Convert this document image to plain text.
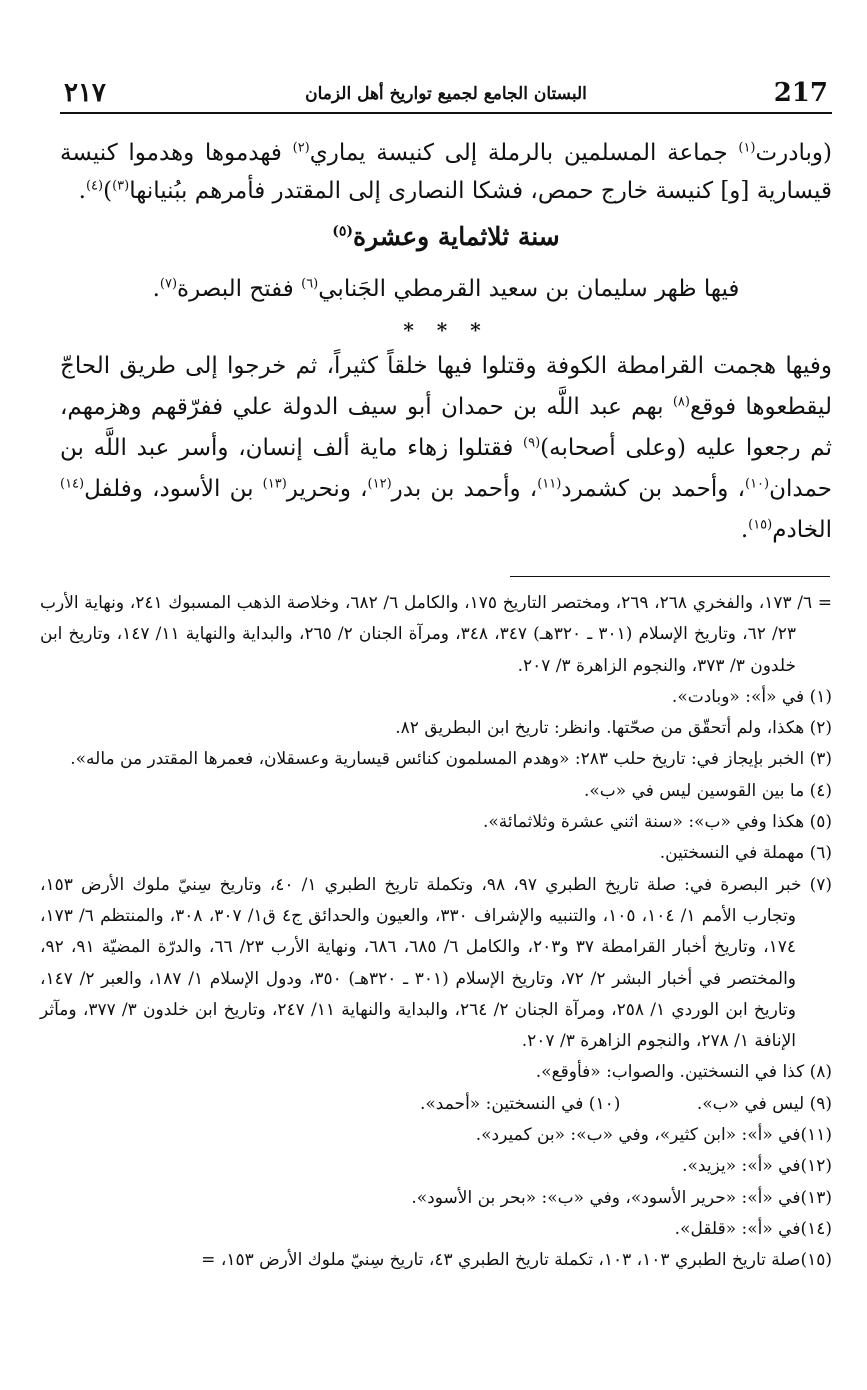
٢١٧	البستان الجامع لجميع تواريخ أهل الزمان	217

(وبادرت$^{(١)}$ جماعة المسلمين بالرملة إلى كنيسة يماري$^{(٢)}$ فهدموها وهدموا كنيسة قيسارية [و] كنيسة خارج حمص، فشكا النصارى إلى المقتدر فأمرهم ببُنيانها$^{(٣)}$)$^{(٤)}$.

سنة ثلاثماية وعشرة$^{(٥)}$

فيها ظهر سليمان بن سعيد القرمطي الجَنابي$^{(٦)}$ ففتح البصرة$^{(٧)}$.

* * *

وفيها هجمت القرامطة الكوفة وقتلوا فيها خلقاً كثيراً، ثم خرجوا إلى طريق الحاجّ ليقطعوها فوقع$^{(٨)}$ بهم عبد اللَّه بن حمدان أبو سيف الدولة علي ففرّقهم وهزمهم، ثم رجعوا عليه (وعلى أصحابه)$^{(٩)}$ فقتلوا زهاء ماية ألف إنسان، وأسر عبد اللَّه بن حمدان$^{(١٠)}$، وأحمد بن كشمرد$^{(١١)}$، وأحمد بن بدر$^{(١٢)}$، ونحرير$^{(١٣)}$ بن الأسود، وفلفل$^{(١٤)}$ الخادم$^{(١٥)}$.

= ٦/ ١٧٣، والفخري ٢٦٨، ٢٦٩، ومختصر التاريخ ١٧٥، والكامل ٦/ ٦٨٢، وخلاصة الذهب المسبوك ٢٤١، ونهاية الأرب ٢٣/ ٦٢، وتاريخ الإسلام (٣٠١ ـ ٣٢٠هـ) ٣٤٧، ٣٤٨، ومرآة الجنان ٢/ ٢٦٥، والبداية والنهاية ١١/ ١٤٧، وتاريخ ابن خلدون ٣/ ٣٧٣، والنجوم الزاهرة ٣/ ٢٠٧.

(١) في «أ»: «وبادت».

(٢) هكذا، ولم أتحقّق من صحّتها. وانظر: تاريخ ابن البطريق ٨٢.

(٣) الخبر بإيجاز في: تاريخ حلب ٢٨٣: «وهدم المسلمون كنائس قيسارية وعسقلان، فعمرها المقتدر من ماله».

(٤) ما بين القوسين ليس في «ب».

(٥) هكذا وفي «ب»: «سنة اثني عشرة وثلاثمائة».

(٦) مهملة في النسختين.

(٧) خبر البصرة في: صلة تاريخ الطبري ٩٧، ٩٨، وتكملة تاريخ الطبري ١/ ٤٠، وتاريخ سِنيّ ملوك الأرض ١٥٣، وتجارب الأمم ١/ ١٠٤، ١٠٥، والتنبيه والإشراف ٣٣٠، والعيون والحدائق ج٤ ق١/ ٣٠٧، ٣٠٨، والمنتظم ٦/ ١٧٣، ١٧٤، وتاريخ أخبار القرامطة ٣٧ و٢٠٣، والكامل ٦/ ٦٨٥، ٦٨٦، ونهاية الأرب ٢٣/ ٦٦، والدرّة المضيّة ٩١، ٩٢، والمختصر في أخبار البشر ٢/ ٧٢، وتاريخ الإسلام (٣٠١ ـ ٣٢٠هـ) ٣٥٠، ودول الإسلام ١/ ١٨٧، والعبر ٢/ ١٤٧، وتاريخ ابن الوردي ١/ ٢٥٨، ومرآة الجنان ٢/ ٢٦٤، والبداية والنهاية ١١/ ٢٤٧، وتاريخ ابن خلدون ٣/ ٣٧٧، ومآثر الإنافة ١/ ٢٧٨، والنجوم الزاهرة ٣/ ٢٠٧.

(٨) كذا في النسختين. والصواب: «فأوقع».

(٩) ليس في «ب».
(١٠) في النسختين: «أحمد».

(١١)في «أ»: «ابن كثير»، وفي «ب»: «بن كميرد».

(١٢)في «أ»: «يزيد».

(١٣)في «أ»: «حرير الأسود»، وفي «ب»: «بحر بن الأسود».

(١٤)في «أ»: «قلقل».

(١٥)صلة تاريخ الطبري ١٠٣، ١٠٣، تكملة تاريخ الطبري ٤٣، تاريخ سِنيّ ملوك الأرض ١٥٣، =
